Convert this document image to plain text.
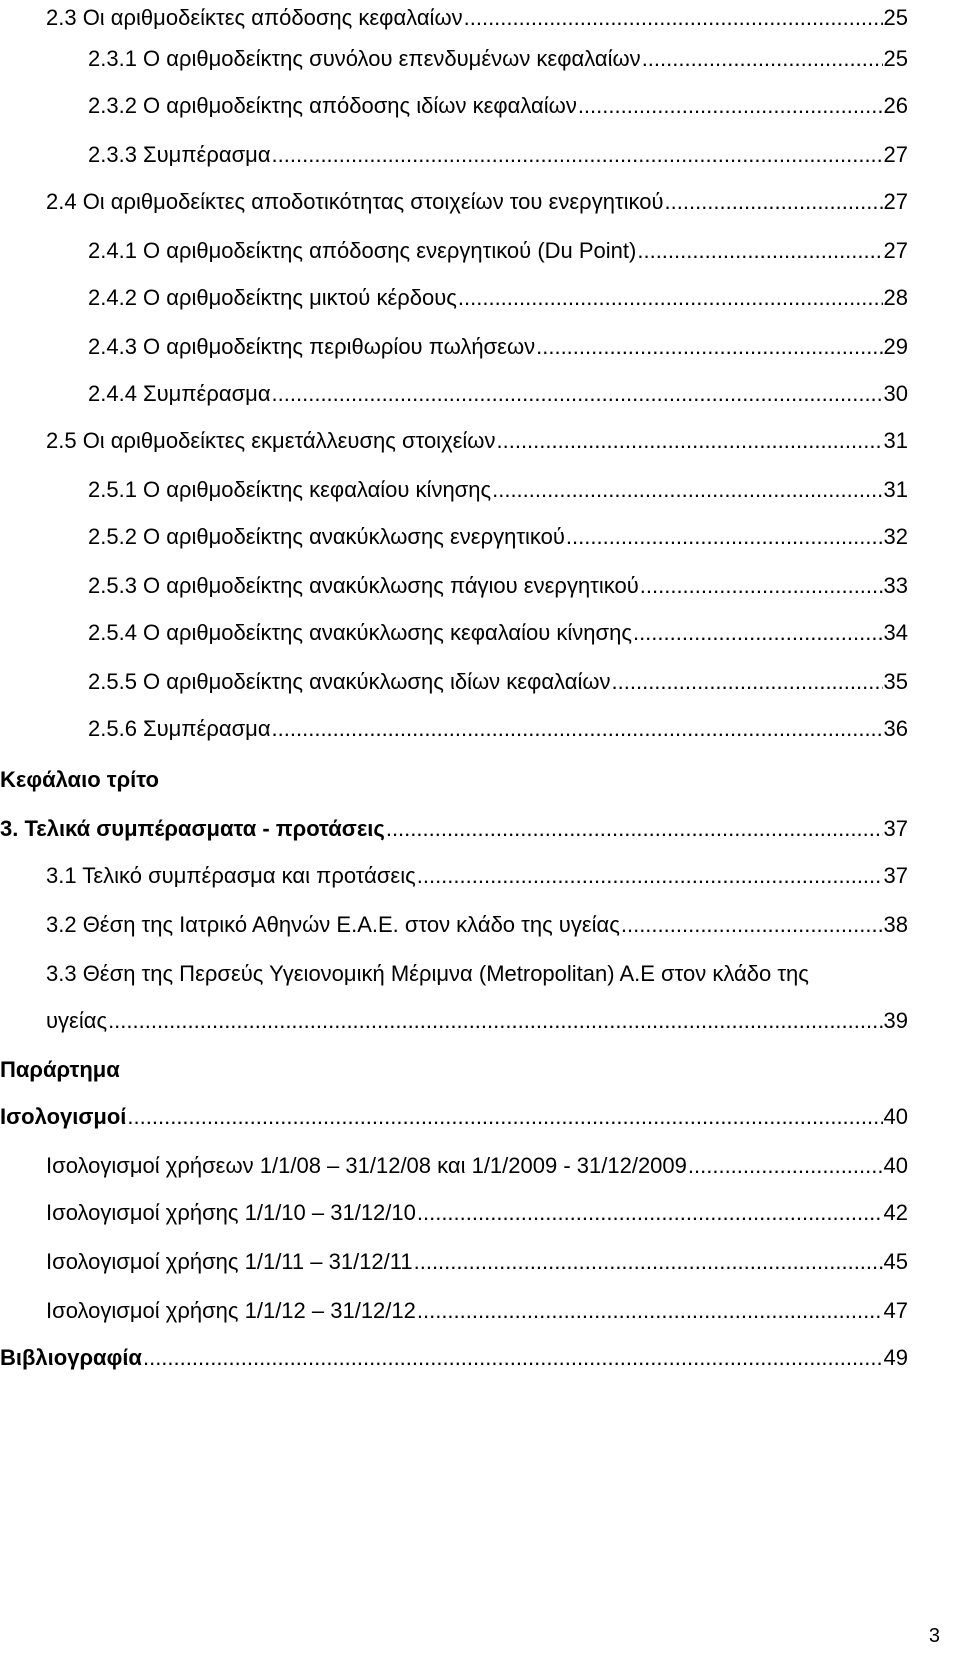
Κεφάλαιο τρίτο
3.3 Θέση της Περσεύς Υγειονομική Μέριμνα (Metropolitan) Α.Ε στον κλάδο της
υγείας .....	39
Παράρτημα
2.3 Οι αριθμοδείκτες απόδοσης κεφαλαίων .....	25
2.3.1 Ο αριθμοδείκτης συνόλου επενδυμένων κεφαλαίων .....	25
2.3.2 Ο αριθμοδείκτης απόδοσης ιδίων κεφαλαίων .....	26
2.3.3 Συμπέρασμα .....	27
2.4 Οι αριθμοδείκτες αποδοτικότητας στοιχείων του ενεργητικού .....	27
2.4.1 Ο αριθμοδείκτης απόδοσης ενεργητικού (Du Point) .....	27
2.4.2 Ο αριθμοδείκτης μικτού κέρδους .....	28
2.4.3 Ο αριθμοδείκτης περιθωρίου πωλήσεων .....	29
2.4.4 Συμπέρασμα .....	30
2.5 Οι αριθμοδείκτες εκμετάλλευσης στοιχείων .....	31
2.5.1 Ο αριθμοδείκτης κεφαλαίου κίνησης .....	31
2.5.2 Ο αριθμοδείκτης ανακύκλωσης ενεργητικού .....	32
2.5.3 Ο αριθμοδείκτης ανακύκλωσης πάγιου ενεργητικού .....	33
2.5.4 Ο αριθμοδείκτης ανακύκλωσης κεφαλαίου κίνησης .....	34
2.5.5 Ο αριθμοδείκτης ανακύκλωσης ιδίων κεφαλαίων .....	35
2.5.6 Συμπέρασμα .....	36
3. Τελικά συμπέρασματα - προτάσεις .....	37
3.1 Τελικό συμπέρασμα και προτάσεις .....	37
3.2 Θέση της Ιατρικό Αθηνών Ε.Α.Ε. στον κλάδο της υγείας .....	38
Ισολογισμοί .....	40
Ισολογισμοί χρήσεων 1/1/08 – 31/12/08 και 1/1/2009 - 31/12/2009 .....	40
Ισολογισμοί χρήσης 1/1/10 – 31/12/10 .....	42
Ισολογισμοί χρήσης 1/1/11 – 31/12/11 .....	45
Ισολογισμοί χρήσης 1/1/12 – 31/12/12 .....	47
Βιβλιογραφία .....	49
3
